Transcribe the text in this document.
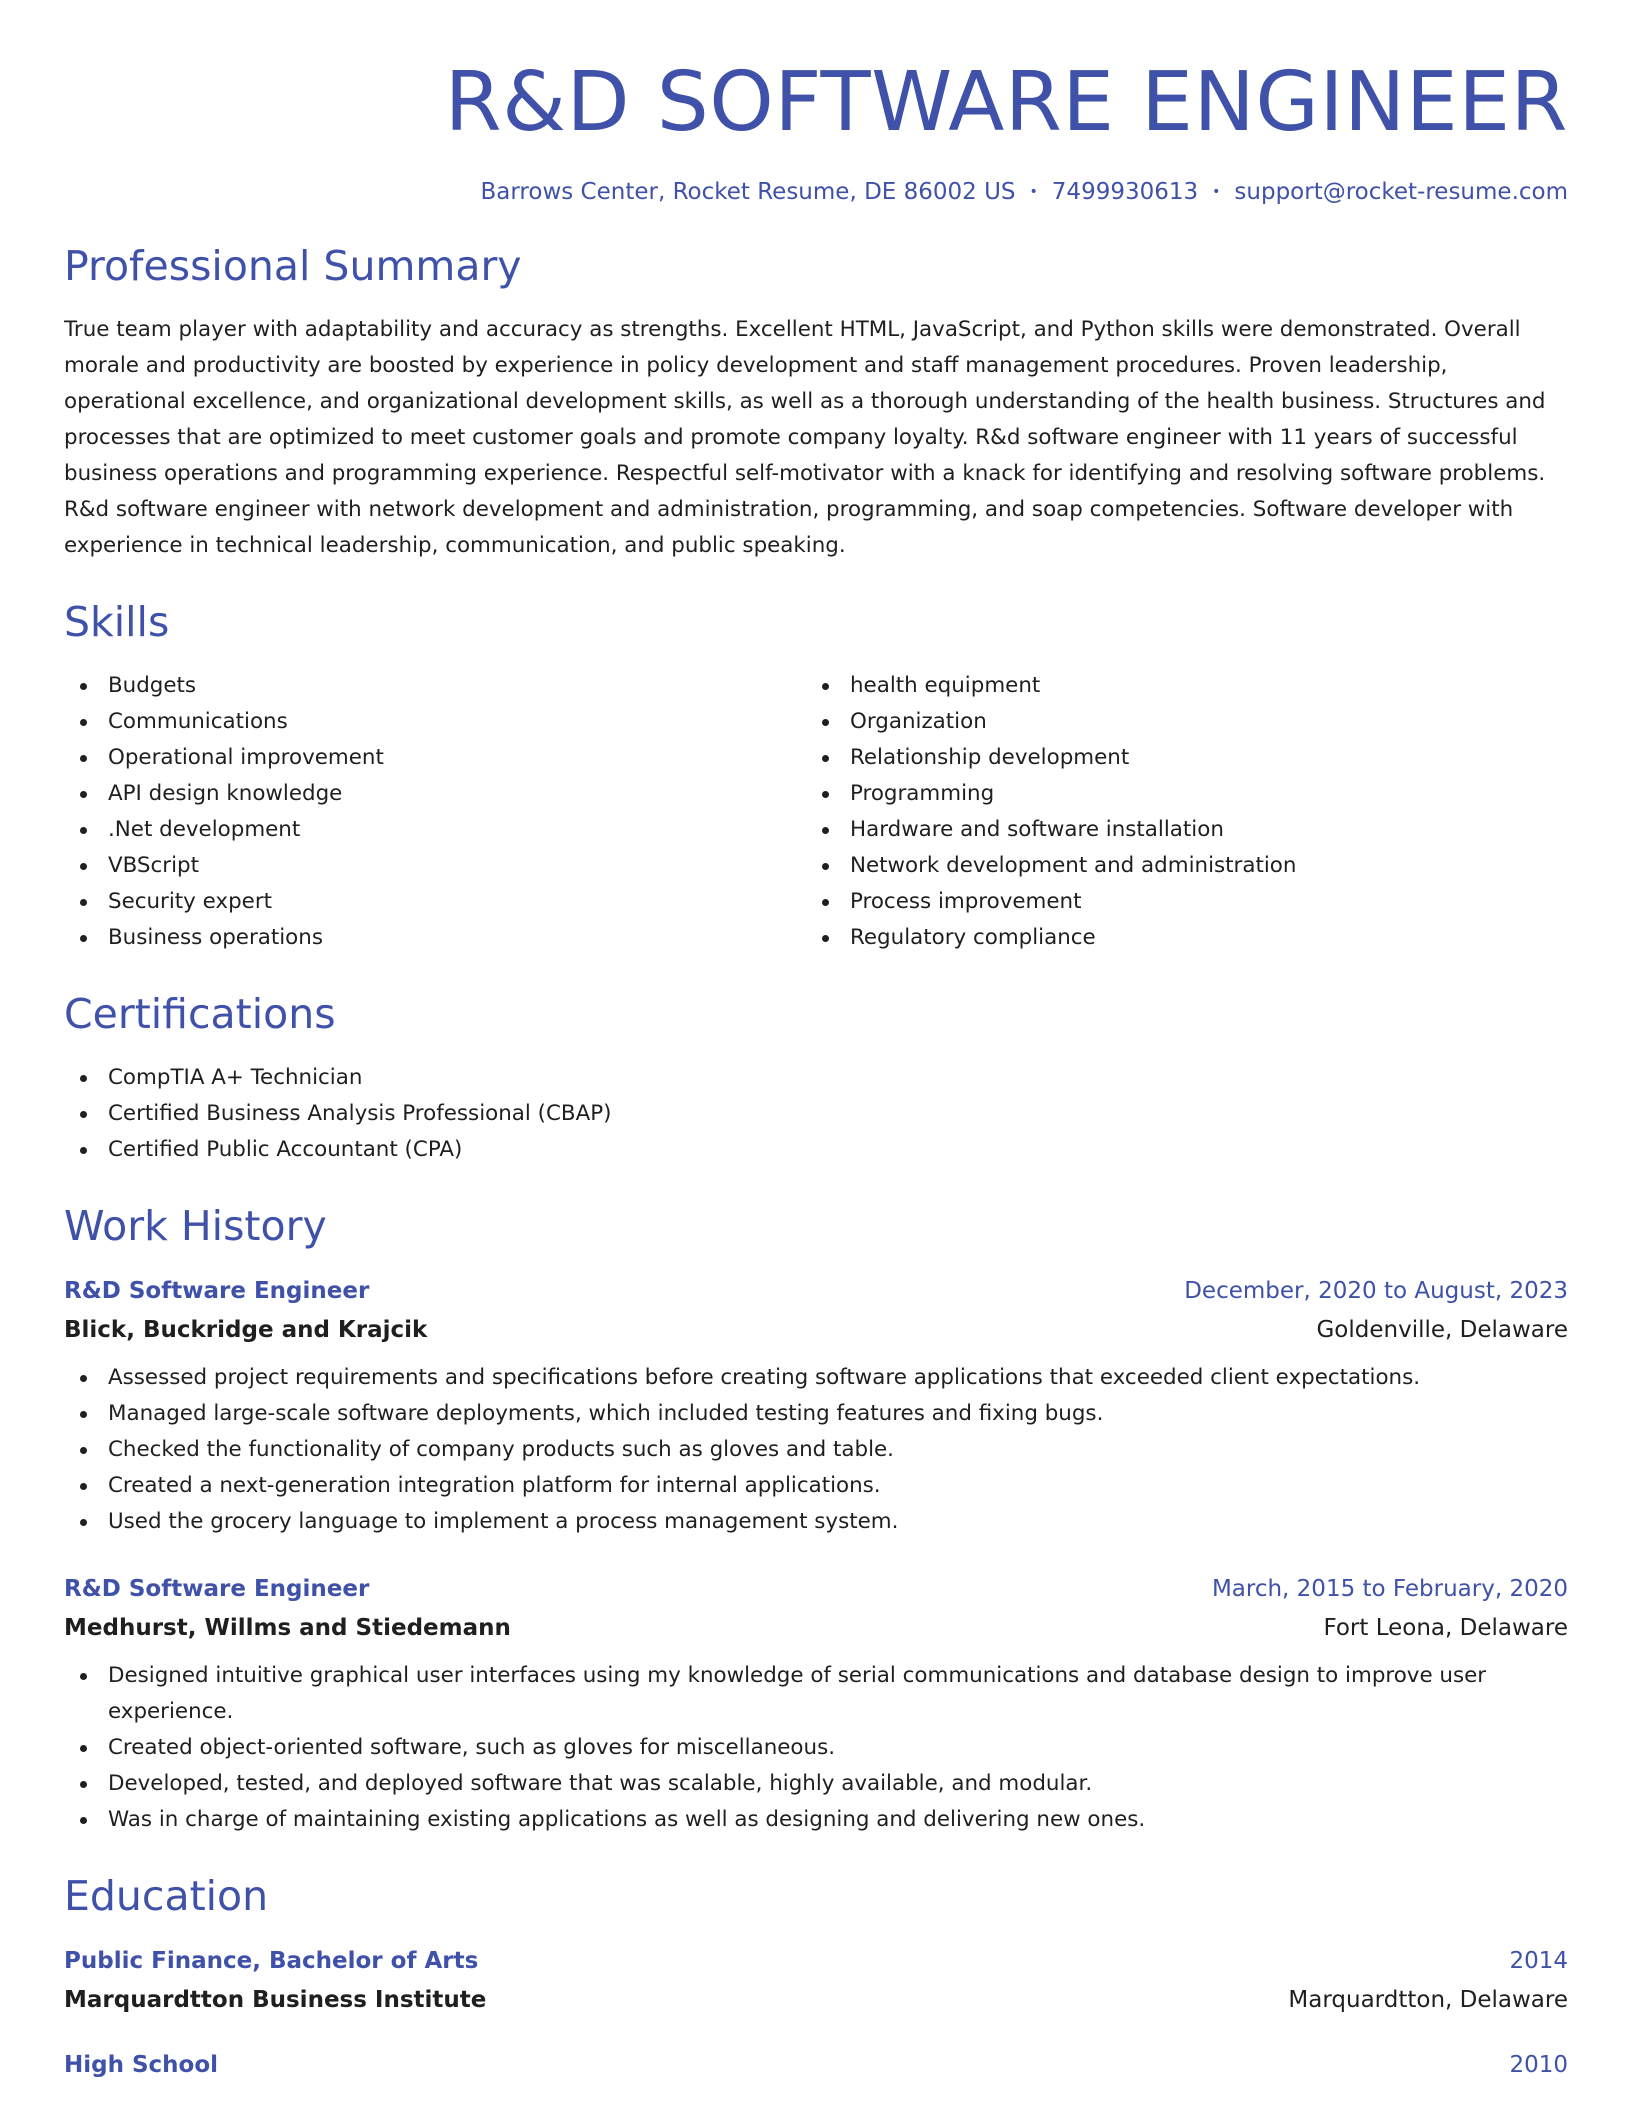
R&D SOFTWARE ENGINEER
Barrows Center, Rocket Resume, DE 86002 US • 7499930613 • support@rocket-resume.com
Professional Summary

True team player with adaptability and accuracy as strengths. Excellent HTML, JavaScript, and Python skills were demonstrated. Overall morale and productivity are boosted by experience in policy development and staff management procedures. Proven leadership, operational excellence, and organizational development skills, as well as a thorough understanding of the health business. Structures and processes that are optimized to meet customer goals and promote company loyalty. R&d software engineer with 11 years of successful business operations and programming experience. Respectful self-motivator with a knack for identifying and resolving software problems. R&d software engineer with network development and administration, programming, and soap competencies. Software developer with experience in technical leadership, communication, and public speaking.

Skills
Budgets
Communications
Operational improvement
API design knowledge
.Net development
VBScript
Security expert
Business operations
health equipment
Organization
Relationship development
Programming
Hardware and software installation
Network development and administration
Process improvement
Regulatory compliance
Certifications
CompTIA A+ Technician
Certified Business Analysis Professional (CBAP)
Certified Public Accountant (CPA)
Work History
R&D Software Engineer	December, 2020 to August, 2023
Blick, Buckridge and Krajcik	Goldenville, Delaware
Assessed project requirements and specifications before creating software applications that exceeded client expectations.
Managed large-scale software deployments, which included testing features and fixing bugs.
Checked the functionality of company products such as gloves and table.
Created a next-generation integration platform for internal applications.
Used the grocery language to implement a process management system.
R&D Software Engineer	March, 2015 to February, 2020
Medhurst, Willms and Stiedemann	Fort Leona, Delaware
Designed intuitive graphical user interfaces using my knowledge of serial communications and database design to improve user experience.
Created object-oriented software, such as gloves for miscellaneous.
Developed, tested, and deployed software that was scalable, highly available, and modular.
Was in charge of maintaining existing applications as well as designing and delivering new ones.
Education
Public Finance, Bachelor of Arts	2014
Marquardtton Business Institute	Marquardtton, Delaware
High School	2010
